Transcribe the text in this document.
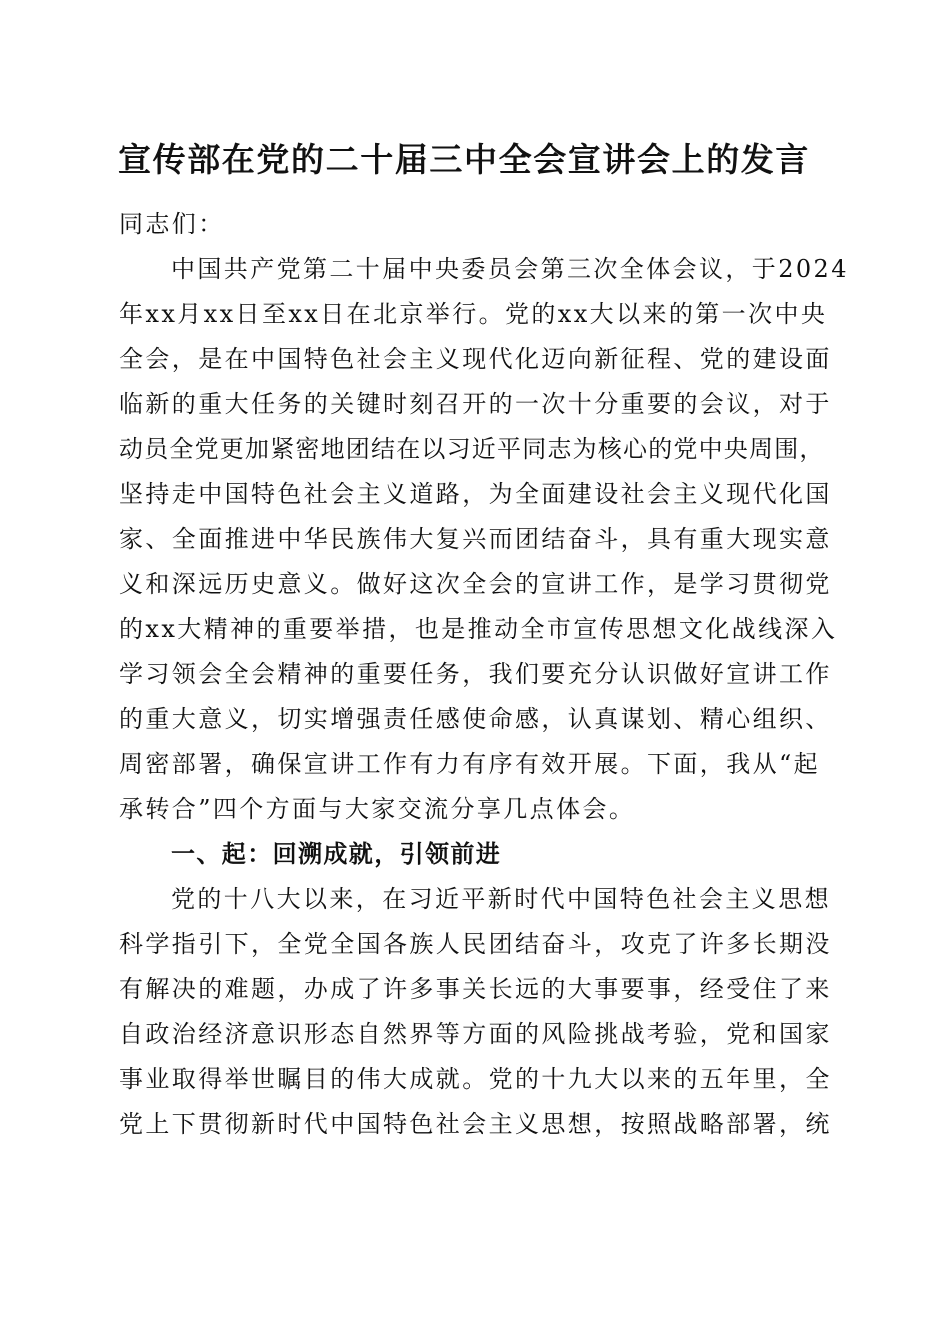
宣传部在党的二十届三中全会宣讲会上的发言

同志们：

中国共产党第二十届中央委员会第三次全体会议，于2024

年xx月xx日至xx日在北京举行。党的xx大以来的第一次中央

全会，是在中国特色社会主义现代化迈向新征程、党的建设面

临新的重大任务的关键时刻召开的一次十分重要的会议，对于

动员全党更加紧密地团结在以习近平同志为核心的党中央周围，

坚持走中国特色社会主义道路，为全面建设社会主义现代化国

家、全面推进中华民族伟大复兴而团结奋斗，具有重大现实意

义和深远历史意义。做好这次全会的宣讲工作，是学习贯彻党

的xx大精神的重要举措，也是推动全市宣传思想文化战线深入

学习领会全会精神的重要任务，我们要充分认识做好宣讲工作

的重大意义，切实增强责任感使命感，认真谋划、精心组织、

周密部署，确保宣讲工作有力有序有效开展。下面，我从“起

承转合”四个方面与大家交流分享几点体会。

一、起：回溯成就，引领前进

党的十八大以来，在习近平新时代中国特色社会主义思想

科学指引下，全党全国各族人民团结奋斗，攻克了许多长期没

有解决的难题，办成了许多事关长远的大事要事，经受住了来

自政治经济意识形态自然界等方面的风险挑战考验，党和国家

事业取得举世瞩目的伟大成就。党的十九大以来的五年里，全

党上下贯彻新时代中国特色社会主义思想，按照战略部署，统
